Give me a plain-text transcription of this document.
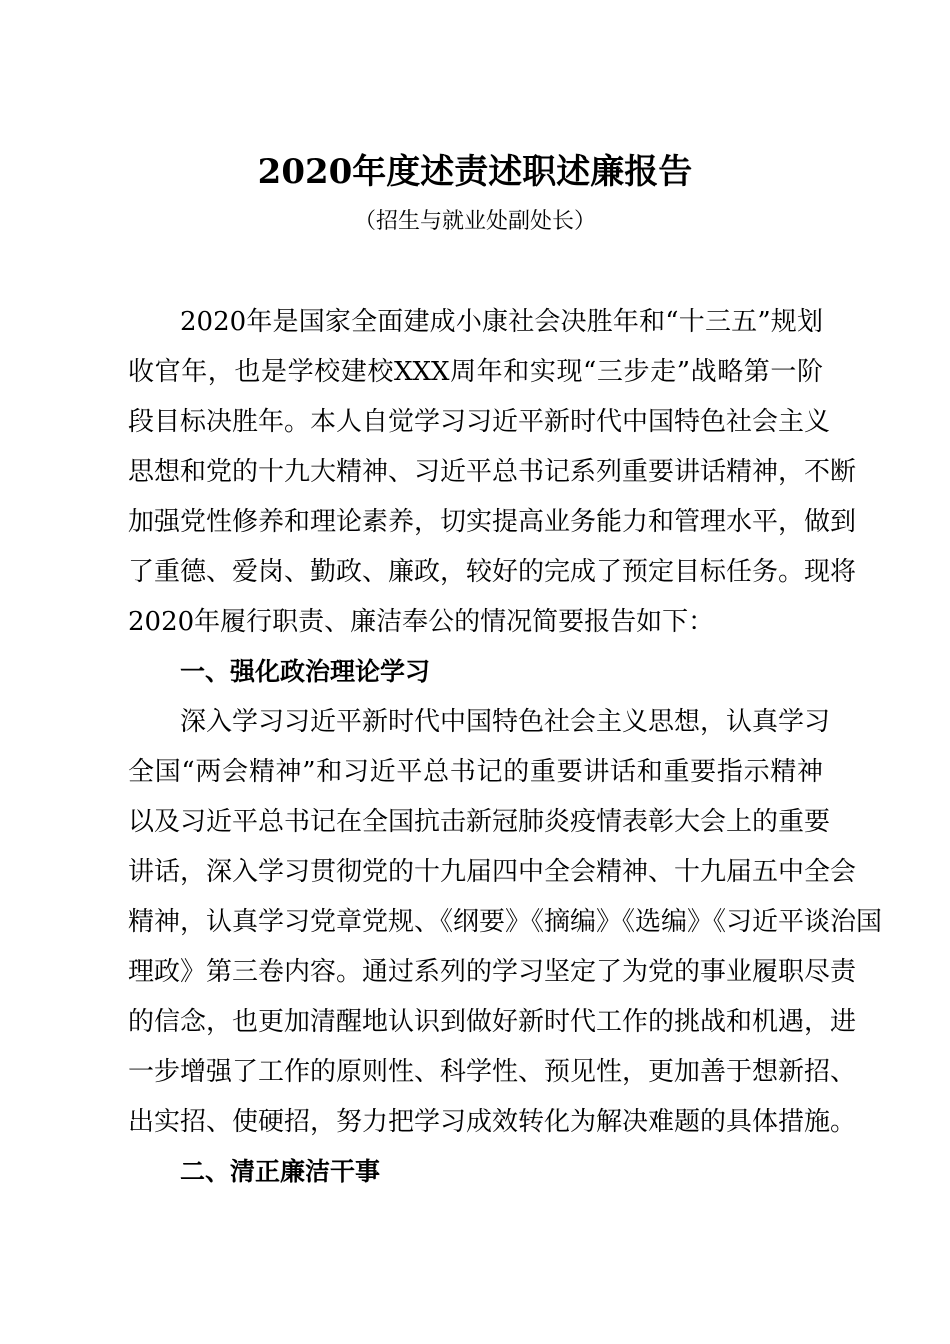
2020年度述责述职述廉报告
（招生与就业处副处长）
2020年是国家全面建成小康社会决胜年和“十三五”规划
收官年，也是学校建校XXX周年和实现“三步走”战略第一阶
段目标决胜年。本人自觉学习习近平新时代中国特色社会主义
思想和党的十九大精神、习近平总书记系列重要讲话精神，不断
加强党性修养和理论素养，切实提高业务能力和管理水平，做到
了重德、爱岗、勤政、廉政，较好的完成了预定目标任务。现将
2020年履行职责、廉洁奉公的情况简要报告如下：
一、强化政治理论学习
深入学习习近平新时代中国特色社会主义思想，认真学习
全国“两会精神”和习近平总书记的重要讲话和重要指示精神
以及习近平总书记在全国抗击新冠肺炎疫情表彰大会上的重要
讲话，深入学习贯彻党的十九届四中全会精神、十九届五中全会
精神，认真学习党章党规、《纲要》《摘编》《选编》《习近平谈治国
理政》第三卷内容。通过系列的学习坚定了为党的事业履职尽责
的信念，也更加清醒地认识到做好新时代工作的挑战和机遇，进
一步增强了工作的原则性、科学性、预见性，更加善于想新招、
出实招、使硬招，努力把学习成效转化为解决难题的具体措施。
二、清正廉洁干事
